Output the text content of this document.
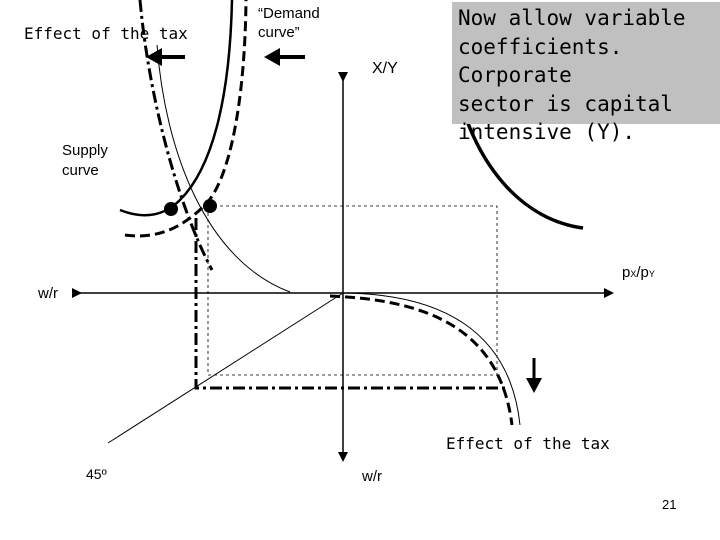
Effect of the tax
“Demand
curve”
X/Y
Supply
curve
w/r
pX/pY
Effect of the tax
45º	w/r
21
Now allow variable
coefficients. Corporate
sector is capital
intensive (Y).
